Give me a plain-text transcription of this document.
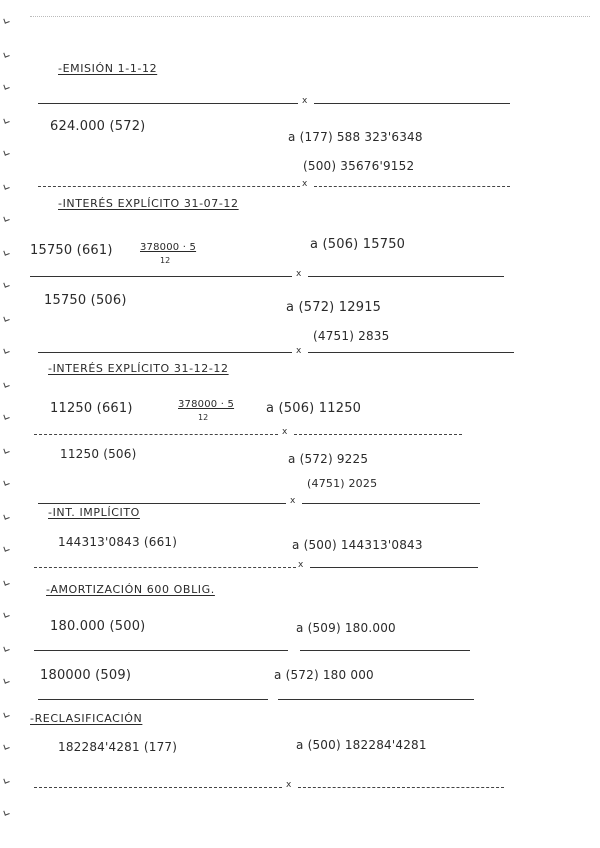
-EMISIÓN 1-1-12
x
624.000 (572)
a (177) 588 323'6348
(500) 35676'9152
x
-INTERÉS EXPLÍCITO 31-07-12
15750 (661)	378000 · 5
12
a (506) 15750
x
15750 (506)	a (572) 12915
(4751) 2835
x
-INTERÉS EXPLÍCITO 31-12-12
11250 (661)	378000 · 5
12
a (506) 11250
x
11250 (506)	a (572) 9225
(4751) 2025
x
-INT. IMPLÍCITO
144313'0843 (661)	a (500) 144313'0843
x
-AMORTIZACIÓN 600 OBLIG.
180.000 (500)	a (509) 180.000
180000 (509)	a (572) 180 000
-RECLASIFICACIÓN
182284'4281 (177)	a (500) 182284'4281
x
